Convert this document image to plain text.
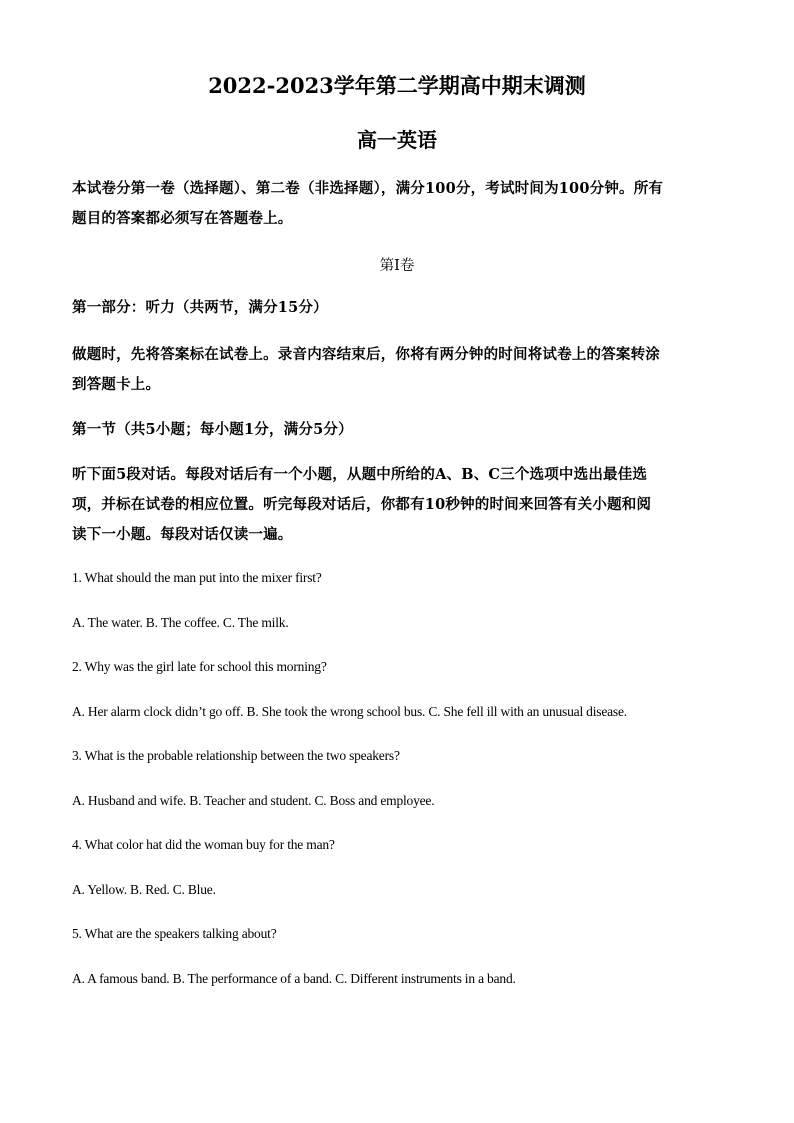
2022-2023学年第二学期高中期末调测
高一英语
本试卷分第一卷（选择题）、第二卷（非选择题），满分100分，考试时间为100分钟。所有
题目的答案都必须写在答题卷上。
第Ⅰ卷
第一部分：听力（共两节，满分15分）
做题时，先将答案标在试卷上。录音内容结束后，你将有两分钟的时间将试卷上的答案转涂
到答题卡上。
第一节（共5小题；每小题1分，满分5分）
听下面5段对话。每段对话后有一个小题，从题中所给的A、B、C三个选项中选出最佳选
项，并标在试卷的相应位置。听完每段对话后，你都有10秒钟的时间来回答有关小题和阅
读下一小题。每段对话仅读一遍。
1. What should the man put into the mixer first?
A. The water. B. The coffee. C. The milk.
2. Why was the girl late for school this morning?
A. Her alarm clock didn’t go off. B. She took the wrong school bus. C. She fell ill with an unusual disease.
3. What is the probable relationship between the two speakers?
A. Husband and wife. B. Teacher and student. C. Boss and employee.
4. What color hat did the woman buy for the man?
A. Yellow. B. Red. C. Blue.
5. What are the speakers talking about?
A. A famous band. B. The performance of a band. C. Different instruments in a band.
